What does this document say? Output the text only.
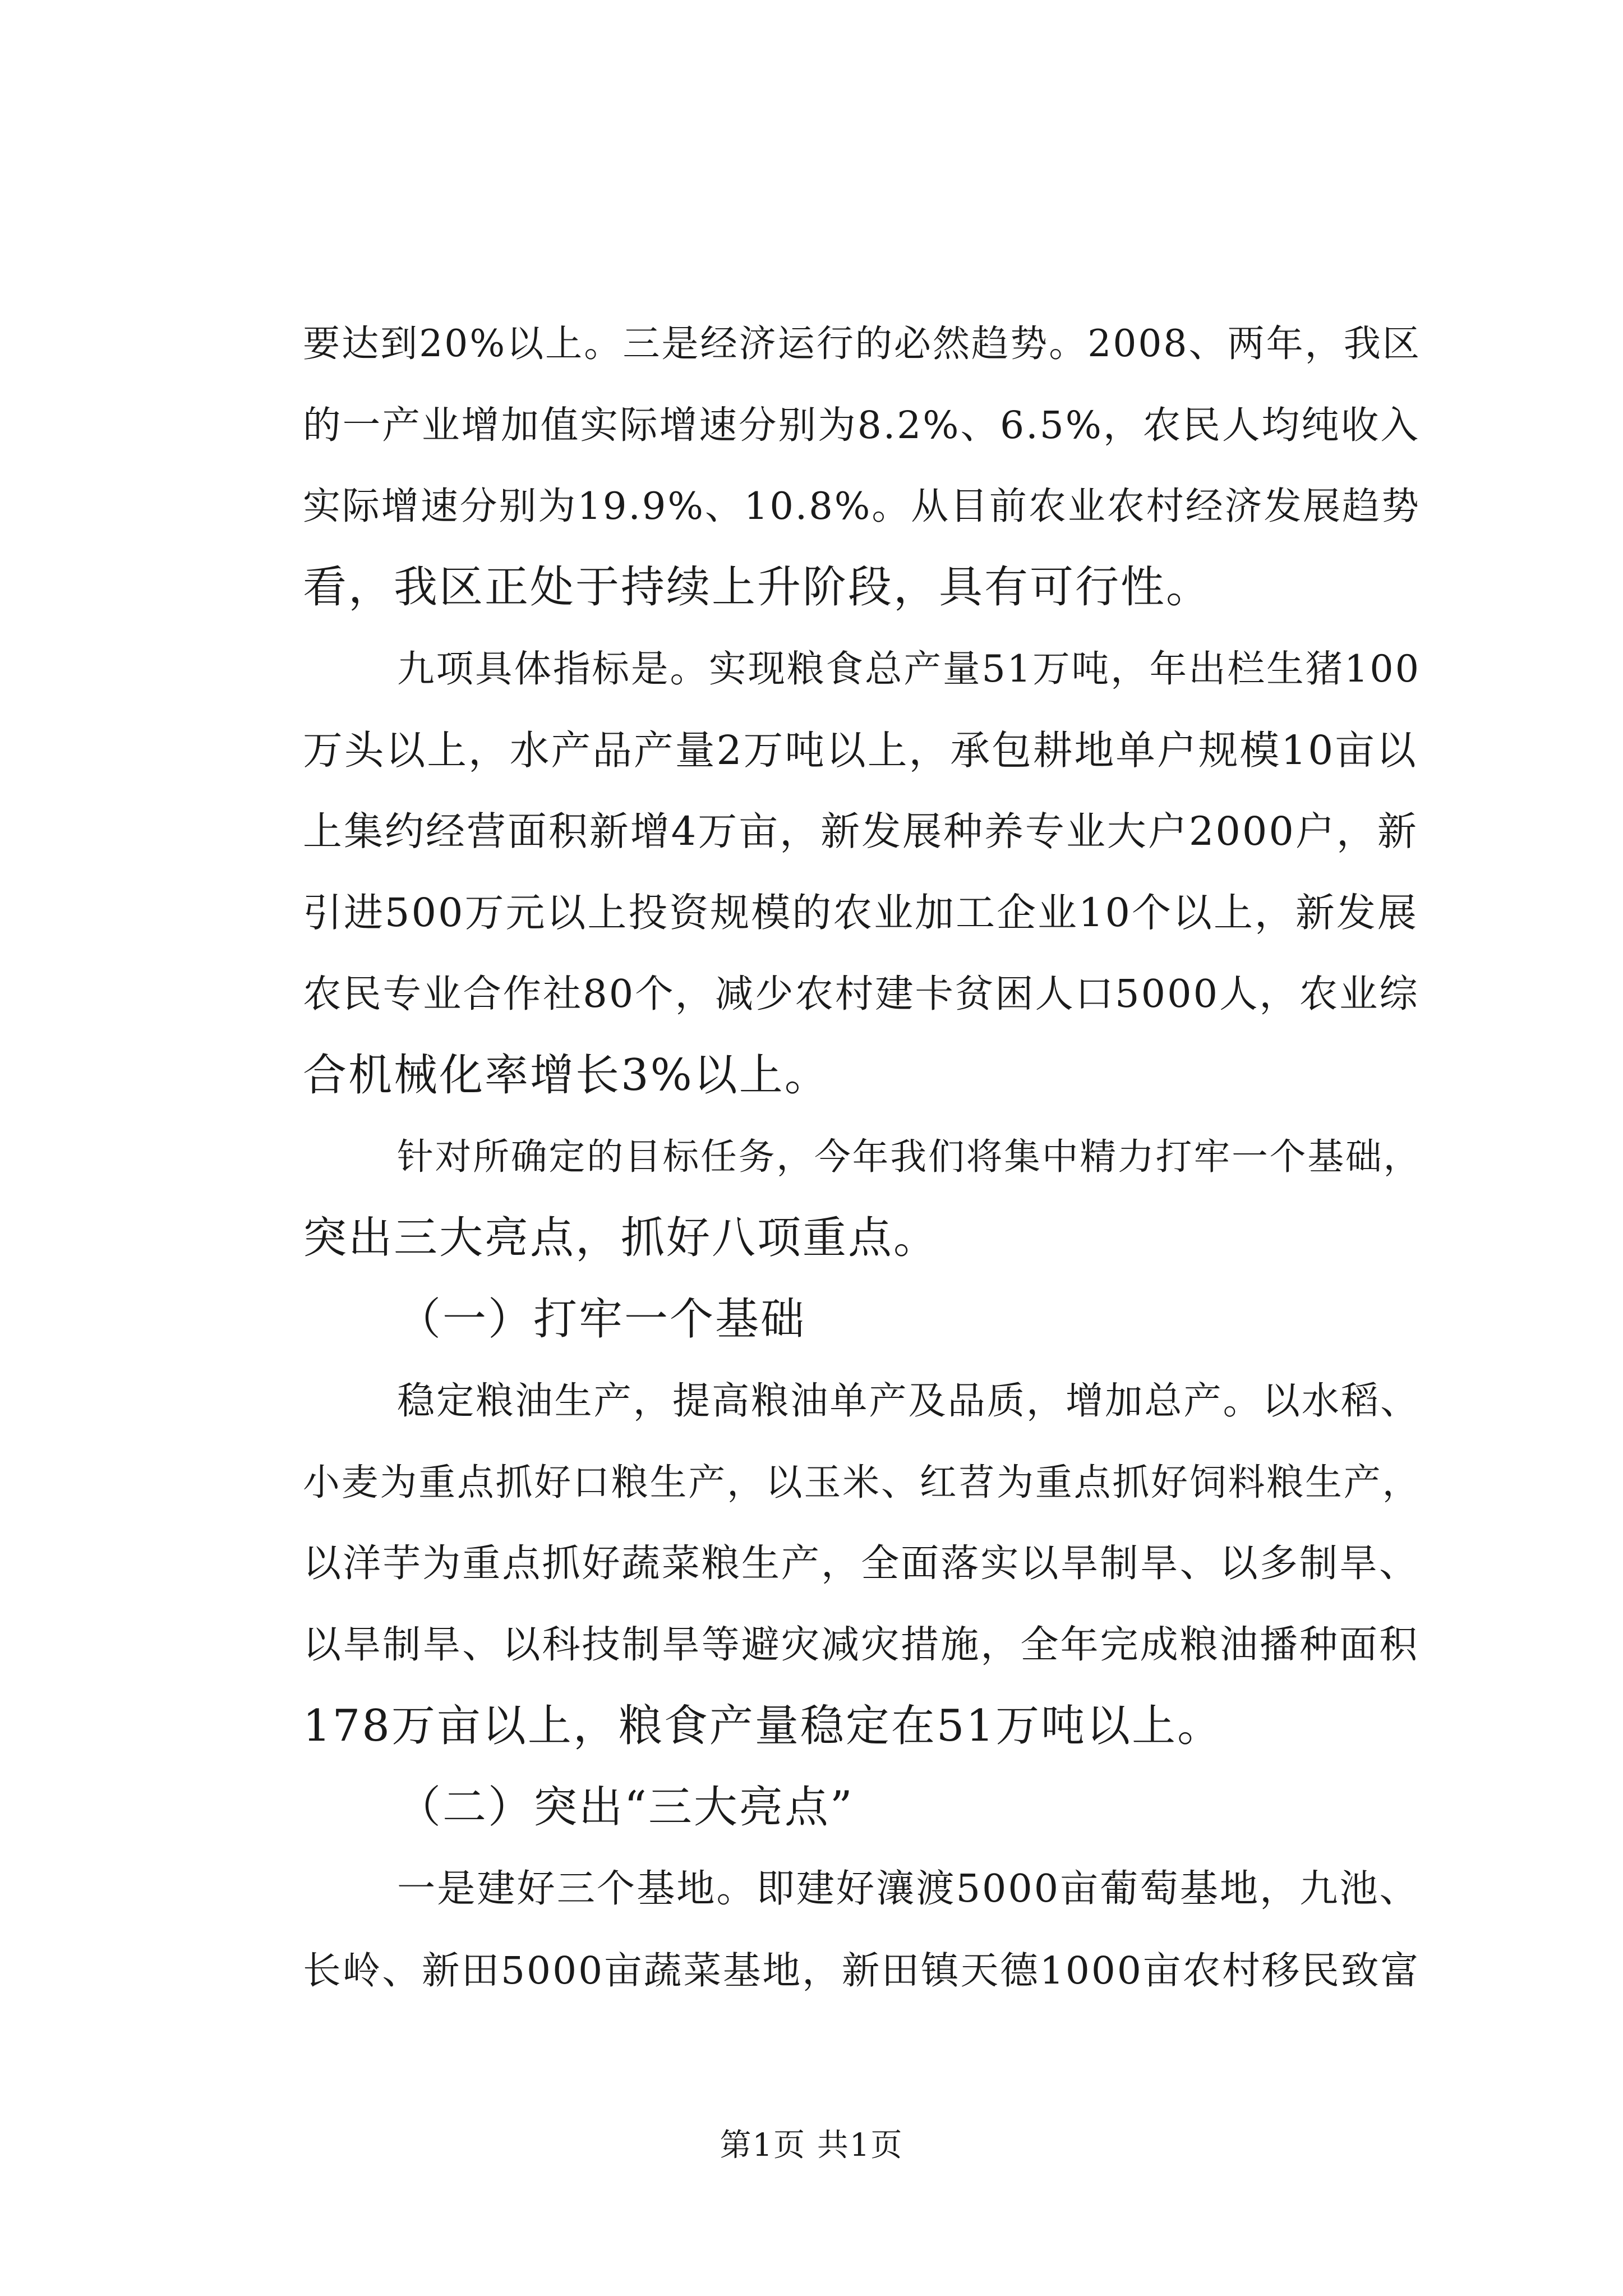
要达到20%以上。三是经济运行的必然趋势。2008、两年，我区
的一产业增加值实际增速分别为8.2%、6.5%，农民人均纯收入
实际增速分别为19.9%、10.8%。从目前农业农村经济发展趋势
看，我区正处于持续上升阶段，具有可行性。
九项具体指标是。实现粮食总产量51万吨，年出栏生猪100
万头以上，水产品产量2万吨以上，承包耕地单户规模10亩以
上集约经营面积新增4万亩，新发展种养专业大户2000户，新
引进500万元以上投资规模的农业加工企业10个以上，新发展
农民专业合作社80个，减少农村建卡贫困人口5000人，农业综
合机械化率增长3%以上。
针对所确定的目标任务，今年我们将集中精力打牢一个基础，
突出三大亮点，抓好八项重点。
（一）打牢一个基础
稳定粮油生产，提高粮油单产及品质，增加总产。以水稻、
小麦为重点抓好口粮生产，以玉米、红苕为重点抓好饲料粮生产，
以洋芋为重点抓好蔬菜粮生产，全面落实以旱制旱、以多制旱、
以旱制旱、以科技制旱等避灾减灾措施，全年完成粮油播种面积
178万亩以上，粮食产量稳定在51万吨以上。
（二）突出“三大亮点”
一是建好三个基地。即建好瀼渡5000亩葡萄基地，九池、
长岭、新田5000亩蔬菜基地，新田镇天德1000亩农村移民致富
第1页 共1页
